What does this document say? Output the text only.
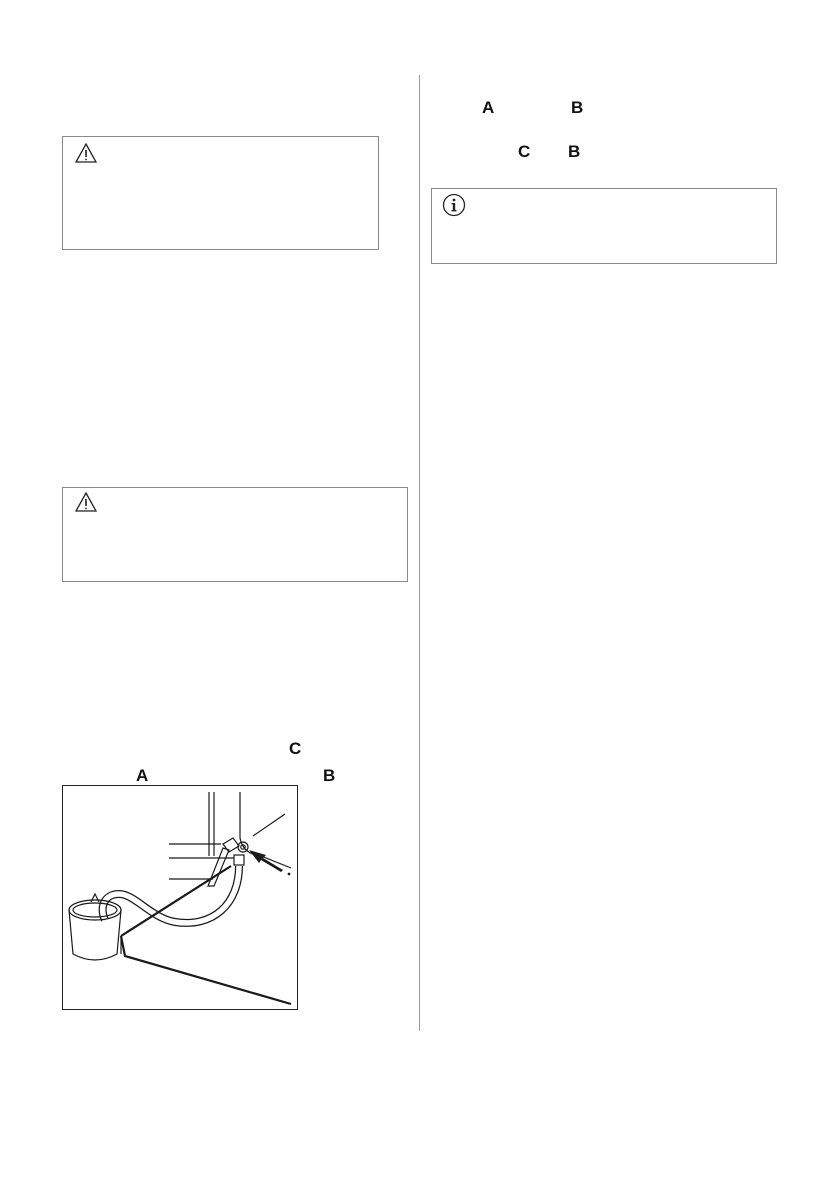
C
A	B
A	B
C B
